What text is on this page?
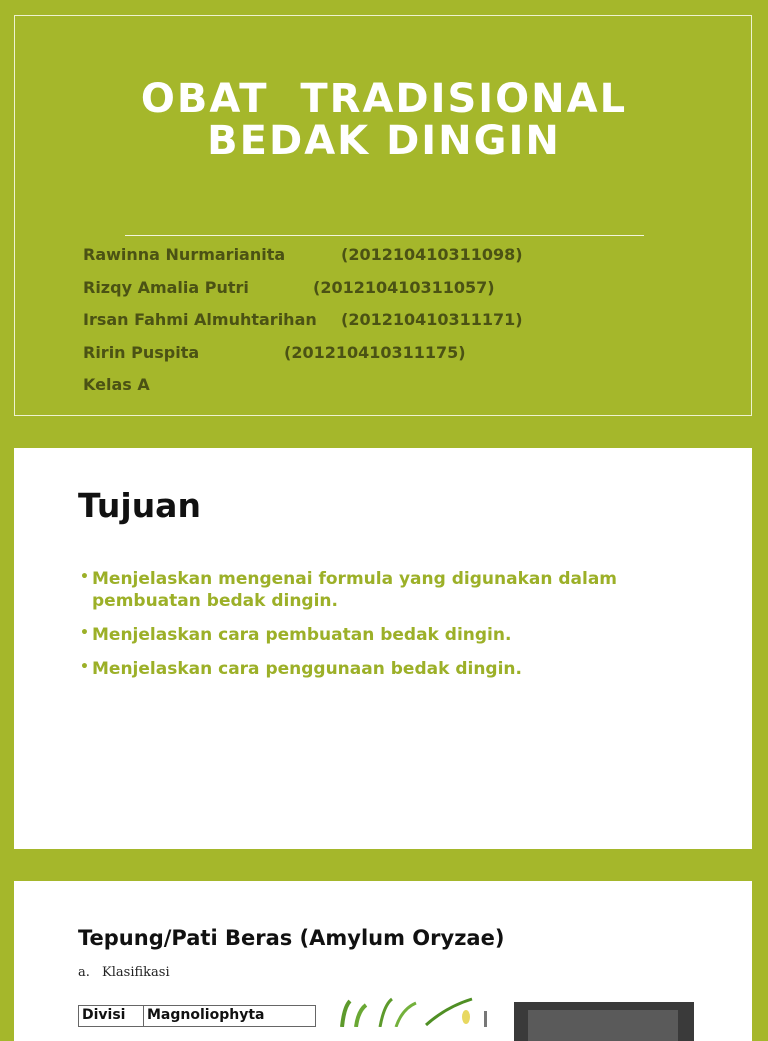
OBAT  TRADISIONAL
BEDAK DINGIN
Rawinna Nurmarianita	(201210410311098)
Rizqy Amalia Putri	(201210410311057)
Irsan Fahmi Almuhtarihan (201210410311171)
Ririn Puspita	(201210410311175)
Kelas A
Tujuan
• Menjelaskan mengenai formula yang digunakan dalam pembuatan bedak dingin.
• Menjelaskan cara pembuatan bedak dingin.
• Menjelaskan cara penggunaan bedak dingin.
Tepung/Pati Beras (Amylum Oryzae)
a. Klasifikasi
Divisi	Magnoliophyta
